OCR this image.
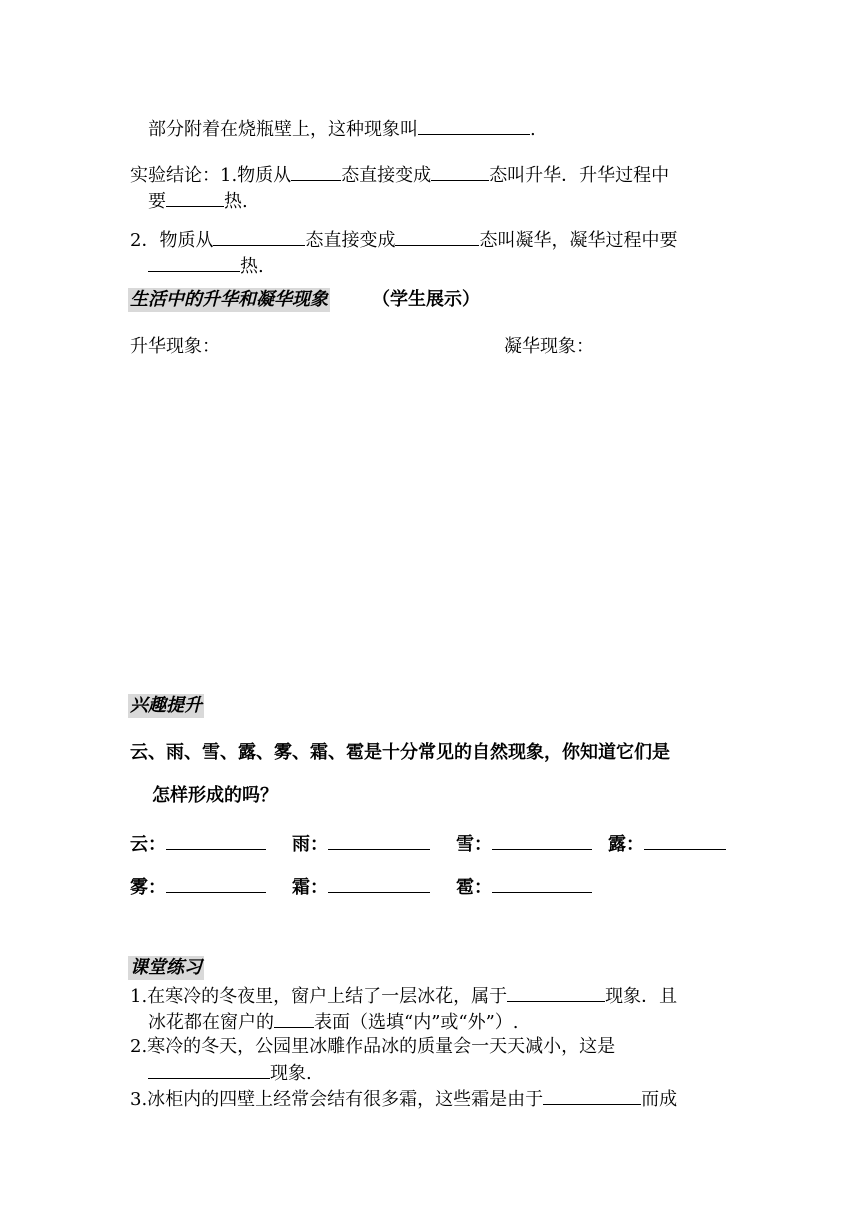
部分附着在烧瓶壁上，这种现象叫	.
实验结论：1.物质从	态直接变成	态叫升华．升华过程中
要	热.
2．物质从	态直接变成	态叫凝华，凝华过程中要
热.
生活中的升华和凝华现象 （学生展示）
升华现象：	凝华现象：
兴趣提升
云、雨、雪、露、雾、霜、雹是十分常见的自然现象，你知道它们是
怎样形成的吗？
云：	雨：	雪：	露：
雾：	霜：	雹：
课堂练习
1.在寒冷的冬夜里，窗户上结了一层冰花，属于	现象．且
冰花都在窗户的 表面（选填“内”或“外”）.
2.寒冷的冬天，公园里冰雕作品冰的质量会一天天减小，这是
现象.
3.冰柜内的四壁上经常会结有很多霜，这些霜是由于	而成
